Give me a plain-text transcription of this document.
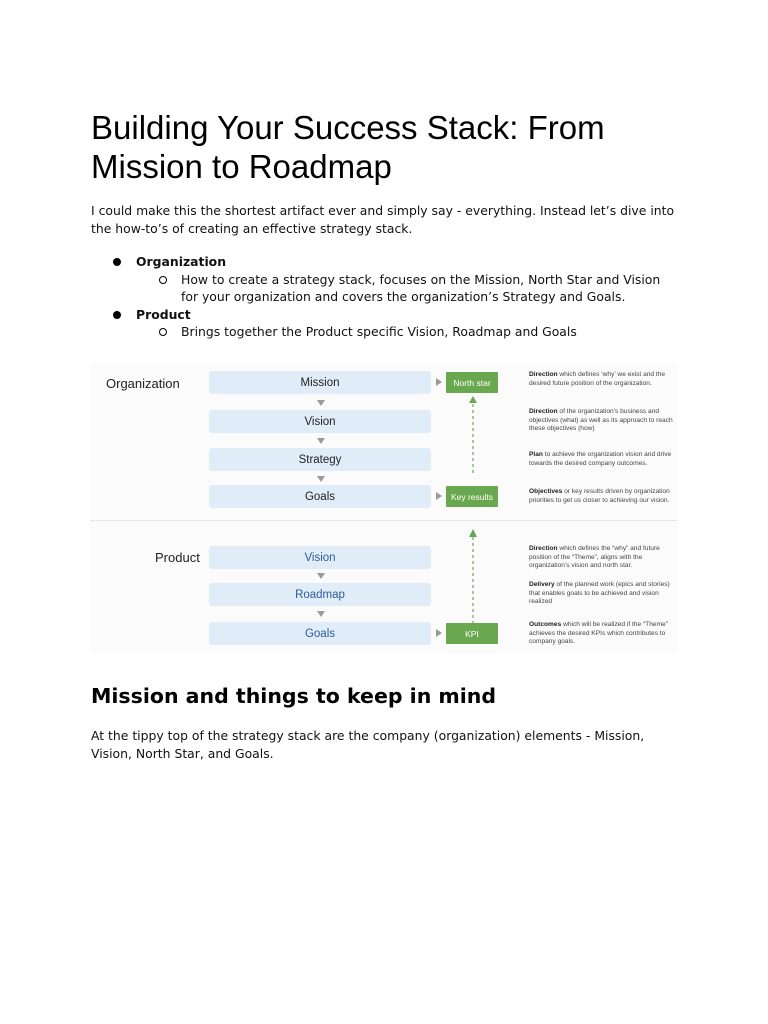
Building Your Success Stack: From Mission to Roadmap

I could make this the shortest artifact ever and simply say - everything. Instead let’s dive into the how-to’s of creating an effective strategy stack.

Organization
How to create a strategy stack, focuses on the Mission, North Star and Vision for your organization and covers the organization’s Strategy and Goals.
Product
Brings together the Product specific Vision, Roadmap and Goals
Mission and things to keep in mind

At the tippy top of the strategy stack are the company (organization) elements - Mission, Vision, North Star, and Goals.

Organization
Product
Mission
Vision
Strategy
Goals
Vision
Roadmap
Goals
North star
Key results
KPI
Direction which defines ‘why’ we exist and the desired future position of the organization.
Direction of the organization’s business and objectives (what) as well as its approach to reach these objectives (how)
Plan to achieve the organization vision and drive towards the desired company outcomes.
Objectives or key results driven by organization priorities to get us closer to achieving our vision.
Direction which defines the “why” and future position of the “Theme”, aligns with the organization’s vision and north star.
Delivery of the planned work (epics and stories) that enables goals to be achieved and vision realized
Outcomes which will be realized if the “Theme” achieves the desired KPIs which contributes to company goals.
